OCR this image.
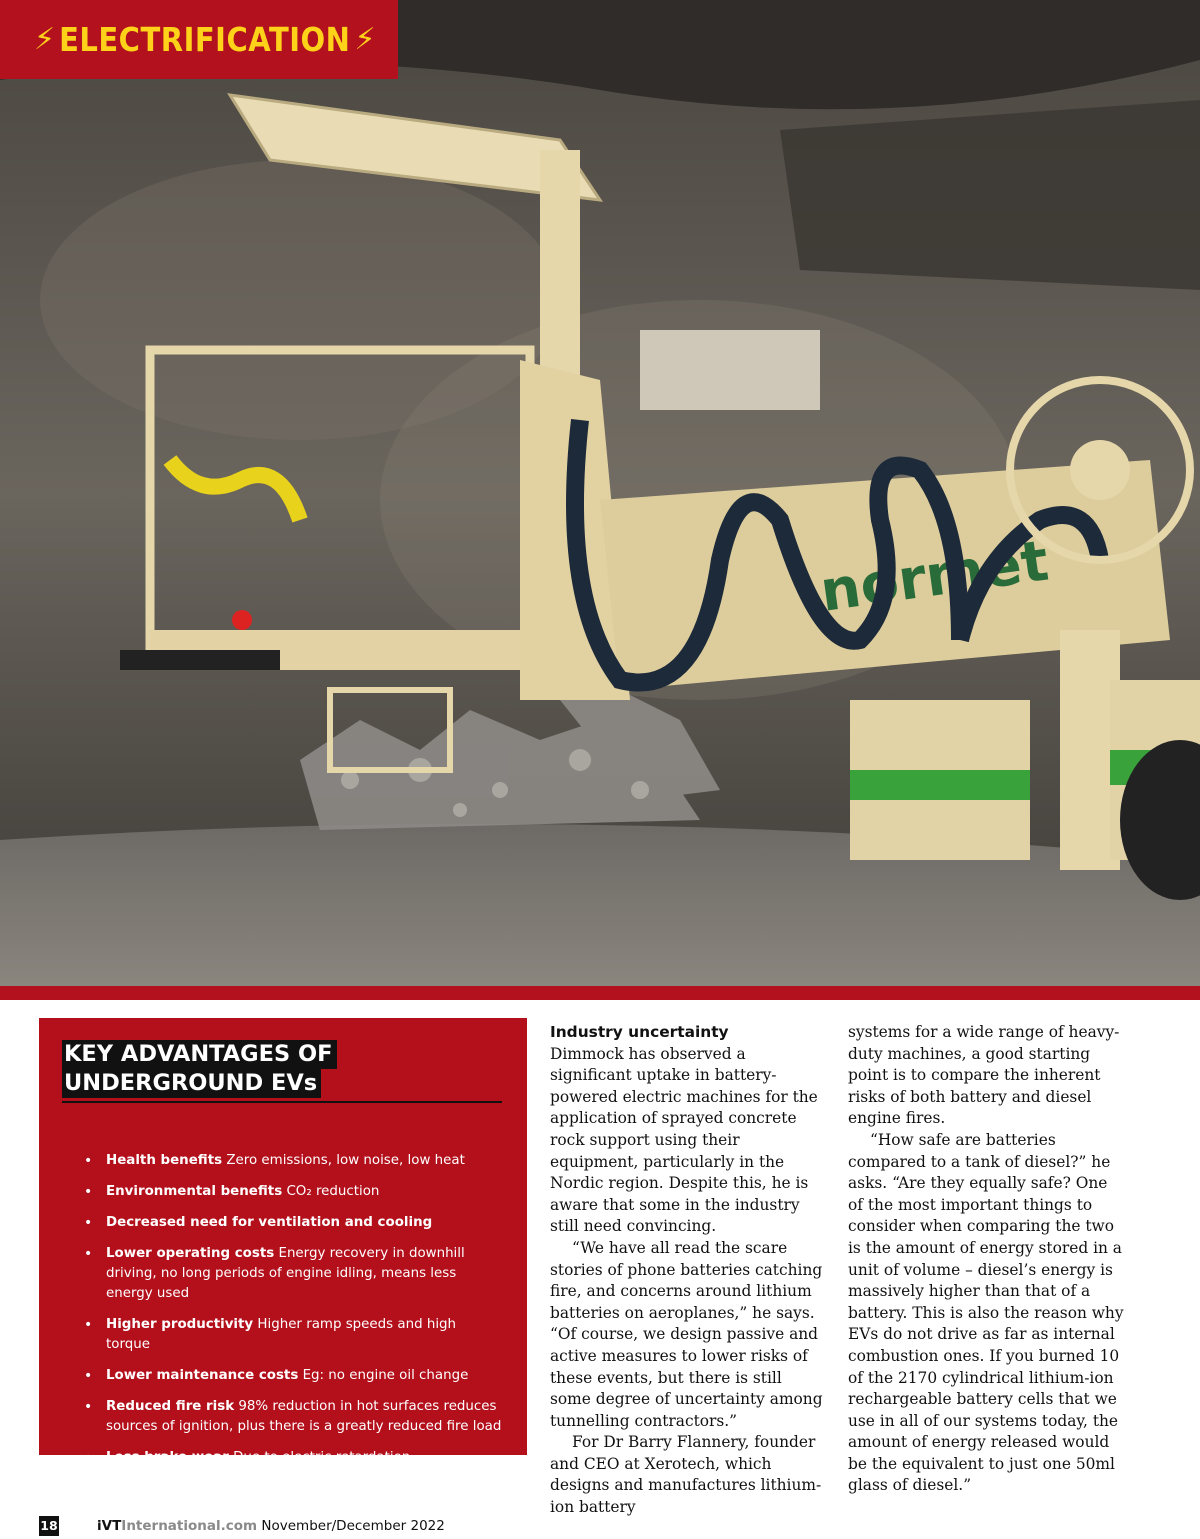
normet
⚡ ELECTRIFICATION ⚡
KEY ADVANTAGES OF
UNDERGROUND EVs
• Health benefits Zero emissions, low noise, low heat
• Environmental benefits CO₂ reduction
• Decreased need for ventilation and cooling
• Lower operating costs Energy recovery in downhill driving, no long periods of engine idling, means less energy used
• Higher productivity Higher ramp speeds and high torque
• Lower maintenance costs Eg: no engine oil change
• Reduced fire risk 98% reduction in hot surfaces reduces sources of ignition, plus there is a greatly reduced fire load
• Less brake wear Due to electric retardation
Industry uncertainty

Dimmock has observed a significant uptake in battery-powered electric machines for the application of sprayed concrete rock support using their equipment, particularly in the Nordic region. Despite this, he is aware that some in the industry still need convincing.

“We have all read the scare stories of phone batteries catching fire, and concerns around lithium batteries on aeroplanes,” he says. “Of course, we design passive and active measures to lower risks of these events, but there is still some degree of uncertainty among tunnelling contractors.”

For Dr Barry Flannery, founder and CEO at Xerotech, which designs and manufactures lithium-ion battery

systems for a wide range of heavy-duty machines, a good starting point is to compare the inherent risks of both battery and diesel engine fires.

“How safe are batteries compared to a tank of diesel?” he asks. “Are they equally safe? One of the most important things to consider when comparing the two is the amount of energy stored in a unit of volume – diesel’s energy is massively higher than that of a battery. This is also the reason why EVs do not drive as far as internal combustion ones. If you burned 10 of the 2170 cylindrical lithium-ion rechargeable battery cells that we use in all of our systems today, the amount of energy released would be the equivalent to just one 50ml glass of diesel.”

18	iVTInternational.com November/December 2022
